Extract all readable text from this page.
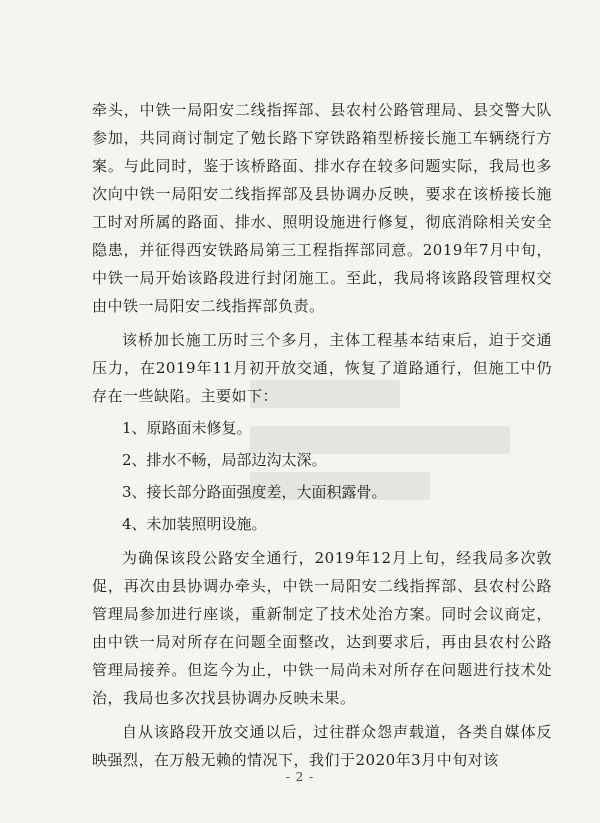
牵头，中铁一局阳安二线指挥部、县农村公路管理局、县交警大队参加，共同商讨制定了勉长路下穿铁路箱型桥接长施工车辆绕行方案。与此同时，鉴于该桥路面、排水存在较多问题实际，我局也多次向中铁一局阳安二线指挥部及县协调办反映，要求在该桥接长施工时对所属的路面、排水、照明设施进行修复，彻底消除相关安全隐患，并征得西安铁路局第三工程指挥部同意。2019年7月中旬，中铁一局开始该路段进行封闭施工。至此，我局将该路段管理权交由中铁一局阳安二线指挥部负责。

该桥加长施工历时三个多月，主体工程基本结束后，迫于交通压力，在2019年11月初开放交通，恢复了道路通行，但施工中仍存在一些缺陷。主要如下：

1、原路面未修复。
2、排水不畅，局部边沟太深。
3、接长部分路面强度差，大面积露骨。
4、未加装照明设施。

为确保该段公路安全通行，2019年12月上旬，经我局多次敦促，再次由县协调办牵头，中铁一局阳安二线指挥部、县农村公路管理局参加进行座谈，重新制定了技术处治方案。同时会议商定，由中铁一局对所存在问题全面整改，达到要求后，再由县农村公路管理局接养。但迄今为止，中铁一局尚未对所存在问题进行技术处治，我局也多次找县协调办反映未果。

自从该路段开放交通以后，过往群众怨声载道，各类自媒体反映强烈，在万般无赖的情况下，我们于2020年3月中旬对该

- 2 -
